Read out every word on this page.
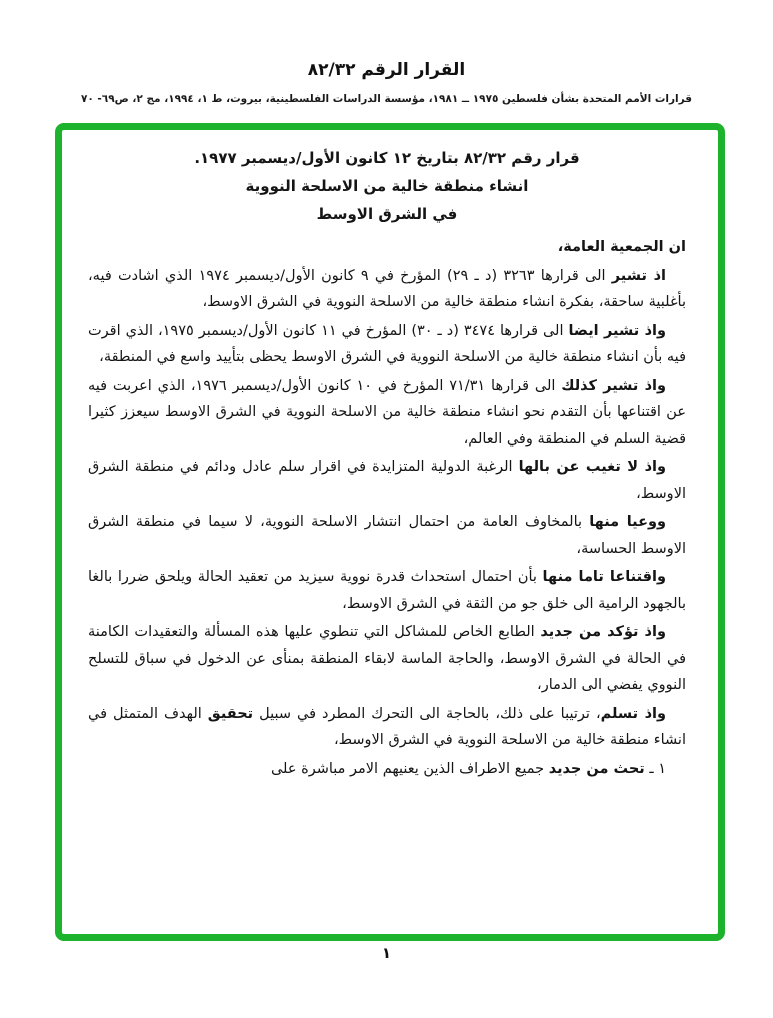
القرار الرقم ٨٢/٣٢
قرارات الأمم المتحدة بشأن فلسطين ١٩٧٥ ــ ١٩٨١، مؤسسة الدراسات الفلسطينية، بيروت، ط ١، ١٩٩٤، مج ٢، ص٦٩- ٧٠
قرار رقم ٨٢/٣٢ بتاريخ ١٢ كانون الأول/ديسمبر ١٩٧٧.
انشاء منطقة خالية من الاسلحة النووية
في الشرق الاوسط
ان الجمعية العامة،

اذ تشير الى قرارها ٣٢٦٣ (د ـ ٢٩) المؤرخ في ٩ كانون الأول/ديسمبر ١٩٧٤ الذي اشادت فيه، بأغلبية ساحقة، بفكرة انشاء منطقة خالية من الاسلحة النووية في الشرق الاوسط،

واذ تشير ايضا الى قرارها ٣٤٧٤ (د ـ ٣٠) المؤرخ في ١١ كانون الأول/ديسمبر ١٩٧٥، الذي اقرت فيه بأن انشاء منطقة خالية من الاسلحة النووية في الشرق الاوسط يحظى بتأييد واسع في المنطقة،

واذ تشير كذلك الى قرارها ٧١/٣١ المؤرخ في ١٠ كانون الأول/ديسمبر ١٩٧٦، الذي اعربت فيه عن اقتناعها بأن التقدم نحو انشاء منطقة خالية من الاسلحة النووية في الشرق الاوسط سيعزز كثيرا قضية السلم في المنطقة وفي العالم،

واذ لا تغيب عن بالها الرغبة الدولية المتزايدة في اقرار سلم عادل ودائم في منطقة الشرق الاوسط،

ووعيا منها بالمخاوف العامة من احتمال انتشار الاسلحة النووية، لا سيما في منطقة الشرق الاوسط الحساسة،

واقتناعا تاما منها بأن احتمال استحداث قدرة نووية سيزيد من تعقيد الحالة ويلحق ضررا بالغا بالجهود الرامية الى خلق جو من الثقة في الشرق الاوسط،

واذ تؤكد من جديد الطابع الخاص للمشاكل التي تنطوي عليها هذه المسألة والتعقيدات الكامنة في الحالة في الشرق الاوسط، والحاجة الماسة لابقاء المنطقة بمنأى عن الدخول في سباق للتسلح النووي يفضي الى الدمار،

واذ تسلم، ترتيبا على ذلك، بالحاجة الى التحرك المطرد في سبيل تحقيق الهدف المتمثل في انشاء منطقة خالية من الاسلحة النووية في الشرق الاوسط،

١ ـ تحث من جديد جميع الاطراف الذين يعنيهم الامر مباشرة على

١
